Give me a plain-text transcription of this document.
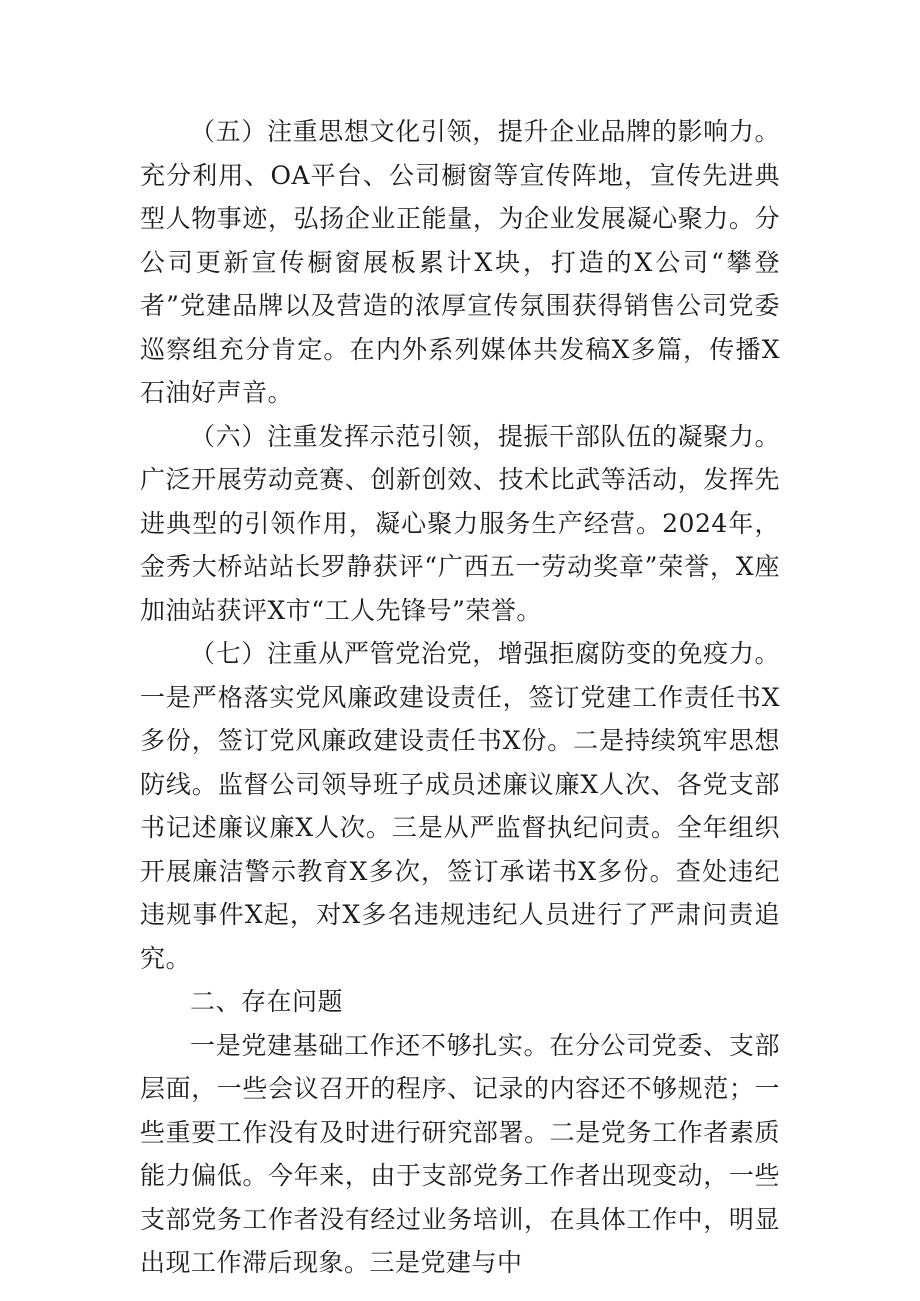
（五）注重思想文化引领，提升企业品牌的影响力。充分利用、OA平台、公司橱窗等宣传阵地，宣传先进典型人物事迹，弘扬企业正能量，为企业发展凝心聚力。分公司更新宣传橱窗展板累计X块，打造的X公司“攀登者”党建品牌以及营造的浓厚宣传氛围获得销售公司党委巡察组充分肯定。在内外系列媒体共发稿X多篇，传播X石油好声音。

（六）注重发挥示范引领，提振干部队伍的凝聚力。广泛开展劳动竞赛、创新创效、技术比武等活动，发挥先进典型的引领作用，凝心聚力服务生产经营。2024年，金秀大桥站站长罗静获评“广西五一劳动奖章”荣誉，X座加油站获评X市“工人先锋号”荣誉。

（七）注重从严管党治党，增强拒腐防变的免疫力。一是严格落实党风廉政建设责任，签订党建工作责任书X多份，签订党风廉政建设责任书X份。二是持续筑牢思想防线。监督公司领导班子成员述廉议廉X人次、各党支部书记述廉议廉X人次。三是从严监督执纪问责。全年组织开展廉洁警示教育X多次，签订承诺书X多份。查处违纪违规事件X起，对X多名违规违纪人员进行了严肃问责追究。

二、存在问题

一是党建基础工作还不够扎实。在分公司党委、支部层面，一些会议召开的程序、记录的内容还不够规范；一些重要工作没有及时进行研究部署。二是党务工作者素质能力偏低。今年来，由于支部党务工作者出现变动，一些支部党务工作者没有经过业务培训，在具体工作中，明显出现工作滞后现象。三是党建与中
